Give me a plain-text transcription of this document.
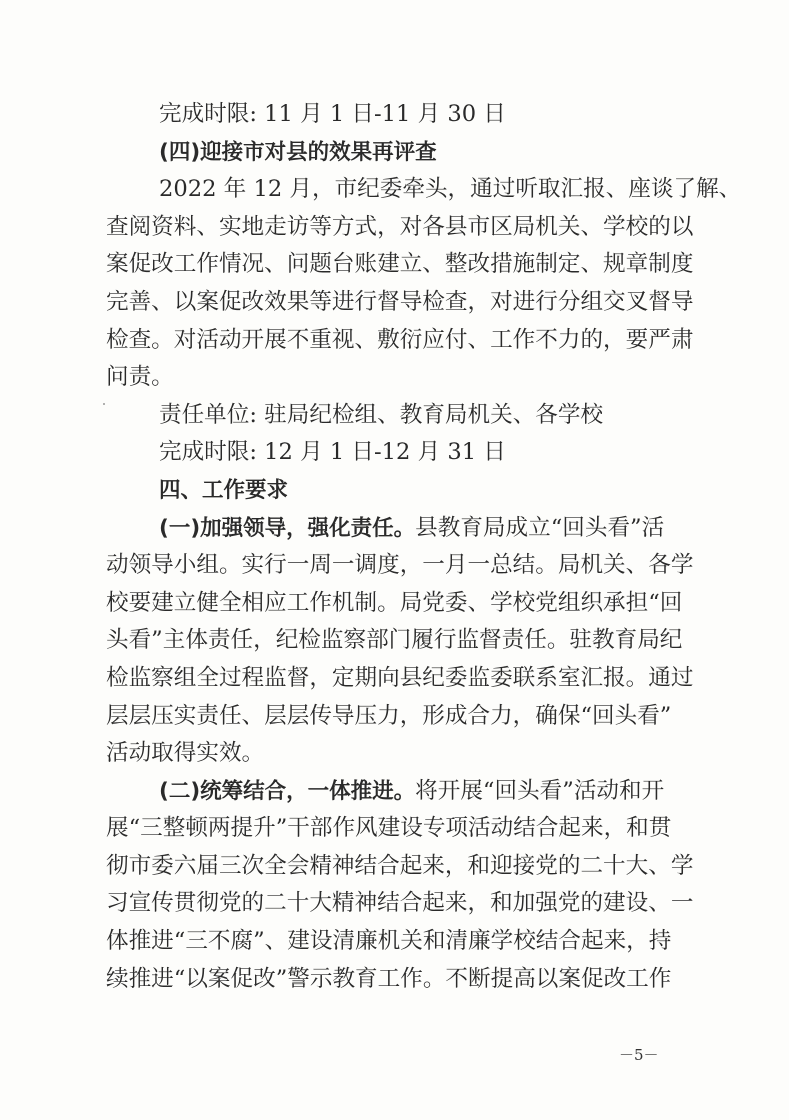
完成时限: 11 月 1 日-11 月 30 日
(四)迎接市对县的效果再评查
2022 年 12 月，市纪委牵头，通过听取汇报、座谈了解、
查阅资料、实地走访等方式，对各县市区局机关、学校的以
案促改工作情况、问题台账建立、整改措施制定、规章制度
完善、以案促改效果等进行督导检查，对进行分组交叉督导
检查。对活动开展不重视、敷衍应付、工作不力的，要严肃
问责。
责任单位: 驻局纪检组、教育局机关、各学校
完成时限: 12 月 1 日-12 月 31 日
四、工作要求
(一)加强领导，强化责任。县教育局成立“回头看”活
动领导小组。实行一周一调度，一月一总结。局机关、各学
校要建立健全相应工作机制。局党委、学校党组织承担“回
头看”主体责任，纪检监察部门履行监督责任。驻教育局纪
检监察组全过程监督，定期向县纪委监委联系室汇报。通过
层层压实责任、层层传导压力，形成合力，确保“回头看”
活动取得实效。
(二)统筹结合，一体推进。将开展“回头看”活动和开
展“三整顿两提升”干部作风建设专项活动结合起来，和贯
彻市委六届三次全会精神结合起来，和迎接党的二十大、学
习宣传贯彻党的二十大精神结合起来，和加强党的建设、一
体推进“三不腐”、建设清廉机关和清廉学校结合起来，持
续推进“以案促改”警示教育工作。不断提高以案促改工作
－5－
